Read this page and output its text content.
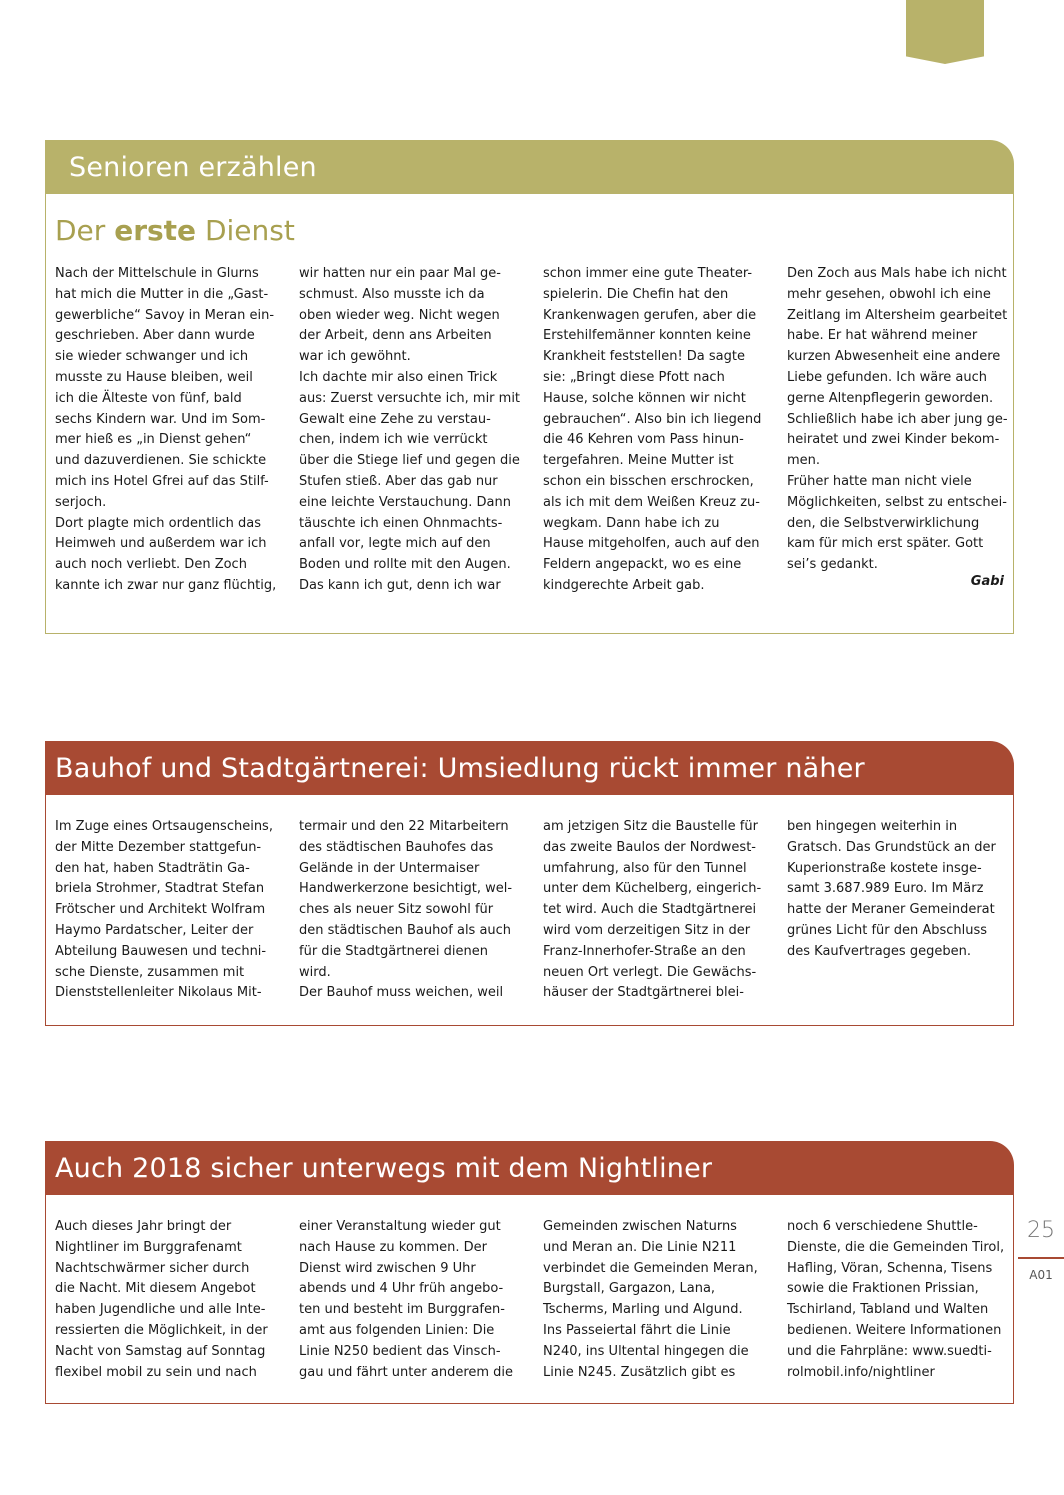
Senioren erzählen
Der erste Dienst
Nach der Mittelschule in Glurns
hat mich die Mutter in die „Gast-
gewerbliche“ Savoy in Meran ein-
geschrieben. Aber dann wurde
sie wieder schwanger und ich
musste zu Hause bleiben, weil
ich die Älteste von fünf, bald
sechs Kindern war. Und im Som-
mer hieß es „in Dienst gehen“
und dazuverdienen. Sie schickte
mich ins Hotel Gfrei auf das Stilf-
serjoch.
Dort plagte mich ordentlich das
Heimweh und außerdem war ich
auch noch verliebt. Den Zoch
kannte ich zwar nur ganz flüchtig,
wir hatten nur ein paar Mal ge-
schmust. Also musste ich da
oben wieder weg. Nicht wegen
der Arbeit, denn ans Arbeiten
war ich gewöhnt.
Ich dachte mir also einen Trick
aus: Zuerst versuchte ich, mir mit
Gewalt eine Zehe zu verstau-
chen, indem ich wie verrückt
über die Stiege lief und gegen die
Stufen stieß. Aber das gab nur
eine leichte Verstauchung. Dann
täuschte ich einen Ohnmachts-
anfall vor, legte mich auf den
Boden und rollte mit den Augen.
Das kann ich gut, denn ich war
schon immer eine gute Theater-
spielerin. Die Chefin hat den
Krankenwagen gerufen, aber die
Erstehilfemänner konnten keine
Krankheit feststellen! Da sagte
sie: „Bringt diese Pfott nach
Hause, solche können wir nicht
gebrauchen“. Also bin ich liegend
die 46 Kehren vom Pass hinun-
tergefahren. Meine Mutter ist
schon ein bisschen erschrocken,
als ich mit dem Weißen Kreuz zu-
wegkam. Dann habe ich zu
Hause mitgeholfen, auch auf den
Feldern angepackt, wo es eine
kindgerechte Arbeit gab.
Den Zoch aus Mals habe ich nicht
mehr gesehen, obwohl ich eine
Zeitlang im Altersheim gearbeitet
habe. Er hat während meiner
kurzen Abwesenheit eine andere
Liebe gefunden. Ich wäre auch
gerne Altenpflegerin geworden.
Schließlich habe ich aber jung ge-
heiratet und zwei Kinder bekom-
men.
Früher hatte man nicht viele
Möglichkeiten, selbst zu entschei-
den, die Selbstverwirklichung
kam für mich erst später. Gott
sei’s gedankt.
Gabi
Bauhof und Stadtgärtnerei: Umsiedlung rückt immer näher
Im Zuge eines Ortsaugenscheins,
der Mitte Dezember stattgefun-
den hat, haben Stadträtin Ga-
briela Strohmer, Stadtrat Stefan
Frötscher und Architekt Wolfram
Haymo Pardatscher, Leiter der
Abteilung Bauwesen und techni-
sche Dienste, zusammen mit
Dienststellenleiter Nikolaus Mit-
termair und den 22 Mitarbeitern
des städtischen Bauhofes das
Gelände in der Untermaiser
Handwerkerzone besichtigt, wel-
ches als neuer Sitz sowohl für
den städtischen Bauhof als auch
für die Stadtgärtnerei dienen
wird.
Der Bauhof muss weichen, weil
am jetzigen Sitz die Baustelle für
das zweite Baulos der Nordwest-
umfahrung, also für den Tunnel
unter dem Küchelberg, eingerich-
tet wird. Auch die Stadtgärtnerei
wird vom derzeitigen Sitz in der
Franz-Innerhofer-Straße an den
neuen Ort verlegt. Die Gewächs-
häuser der Stadtgärtnerei blei-
ben hingegen weiterhin in
Gratsch. Das Grundstück an der
Kuperionstraße kostete insge-
samt 3.687.989 Euro. Im März
hatte der Meraner Gemeinderat
grünes Licht für den Abschluss
des Kaufvertrages gegeben.
Auch 2018 sicher unterwegs mit dem Nightliner
Auch dieses Jahr bringt der
Nightliner im Burggrafenamt
Nachtschwärmer sicher durch
die Nacht. Mit diesem Angebot
haben Jugendliche und alle Inte-
ressierten die Möglichkeit, in der
Nacht von Samstag auf Sonntag
flexibel mobil zu sein und nach
einer Veranstaltung wieder gut
nach Hause zu kommen. Der
Dienst wird zwischen 9 Uhr
abends und 4 Uhr früh angebo-
ten und besteht im Burggrafen-
amt aus folgenden Linien: Die
Linie N250 bedient das Vinsch-
gau und fährt unter anderem die
Gemeinden zwischen Naturns
und Meran an. Die Linie N211
verbindet die Gemeinden Meran,
Burgstall, Gargazon, Lana,
Tscherms, Marling und Algund.
Ins Passeiertal fährt die Linie
N240, ins Ultental hingegen die
Linie N245. Zusätzlich gibt es
noch 6 verschiedene Shuttle-
Dienste, die die Gemeinden Tirol,
Hafling, Vöran, Schenna, Tisens
sowie die Fraktionen Prissian,
Tschirland, Tabland und Walten
bedienen. Weitere Informationen
und die Fahrpläne: www.suedti-
rolmobil.info/nightliner
25
A01
